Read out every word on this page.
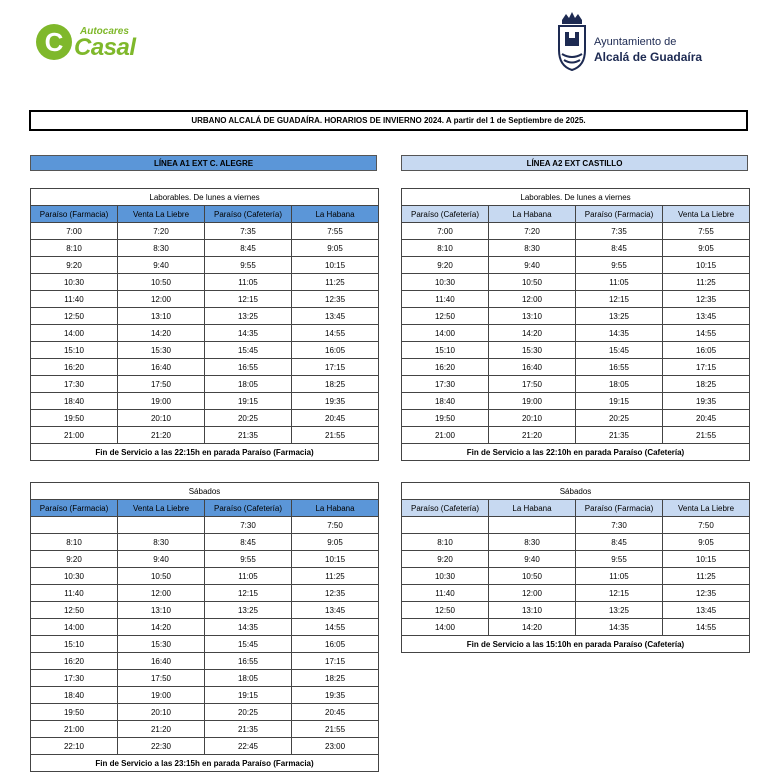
C	Autocares
Casal	Ayuntamiento de
Alcalá de Guadaíra
URBANO ALCALÁ DE GUADAÍRA. HORARIOS DE INVIERNO 2024. A partir del 1 de Septiembre de 2025.
LÍNEA A1 EXT C. ALEGRE	LÍNEA A2 EXT CASTILLO
Laborables. De lunes a viernes			
Paraíso (Farmacia)	Venta La Liebre	Paraíso (Cafetería)	La Habana
7:00	7:20	7:35	7:55
8:10	8:30	8:45	9:05
9:20	9:40	9:55	10:15
10:30	10:50	11:05	11:25
11:40	12:00	12:15	12:35
12:50	13:10	13:25	13:45
14:00	14:20	14:35	14:55
15:10	15:30	15:45	16:05
16:20	16:40	16:55	17:15
17:30	17:50	18:05	18:25
18:40	19:00	19:15	19:35
19:50	20:10	20:25	20:45
21:00	21:20	21:35	21:55
Fin de Servicio a las 22:15h en parada Paraíso (Farmacia)			
Laborables. De lunes a viernes			
Paraíso (Cafetería)	La Habana	Paraíso (Farmacia)	Venta La Liebre
7:00	7:20	7:35	7:55
8:10	8:30	8:45	9:05
9:20	9:40	9:55	10:15
10:30	10:50	11:05	11:25
11:40	12:00	12:15	12:35
12:50	13:10	13:25	13:45
14:00	14:20	14:35	14:55
15:10	15:30	15:45	16:05
16:20	16:40	16:55	17:15
17:30	17:50	18:05	18:25
18:40	19:00	19:15	19:35
19:50	20:10	20:25	20:45
21:00	21:20	21:35	21:55
Fin de Servicio a las 22:10h en parada Paraíso (Cafetería)			
Sábados			
Paraíso (Farmacia)	Venta La Liebre	Paraíso (Cafetería)	La Habana
		7:30	7:50
8:10	8:30	8:45	9:05
9:20	9:40	9:55	10:15
10:30	10:50	11:05	11:25
11:40	12:00	12:15	12:35
12:50	13:10	13:25	13:45
14:00	14:20	14:35	14:55
15:10	15:30	15:45	16:05
16:20	16:40	16:55	17:15
17:30	17:50	18:05	18:25
18:40	19:00	19:15	19:35
19:50	20:10	20:25	20:45
21:00	21:20	21:35	21:55
22:10	22:30	22:45	23:00
Fin de Servicio a las 23:15h en parada Paraíso (Farmacia)			
Sábados			
Paraíso (Cafetería)	La Habana	Paraíso (Farmacia)	Venta La Liebre
		7:30	7:50
8:10	8:30	8:45	9:05
9:20	9:40	9:55	10:15
10:30	10:50	11:05	11:25
11:40	12:00	12:15	12:35
12:50	13:10	13:25	13:45
14:00	14:20	14:35	14:55
Fin de Servicio a las 15:10h en parada Paraíso (Cafetería)			
